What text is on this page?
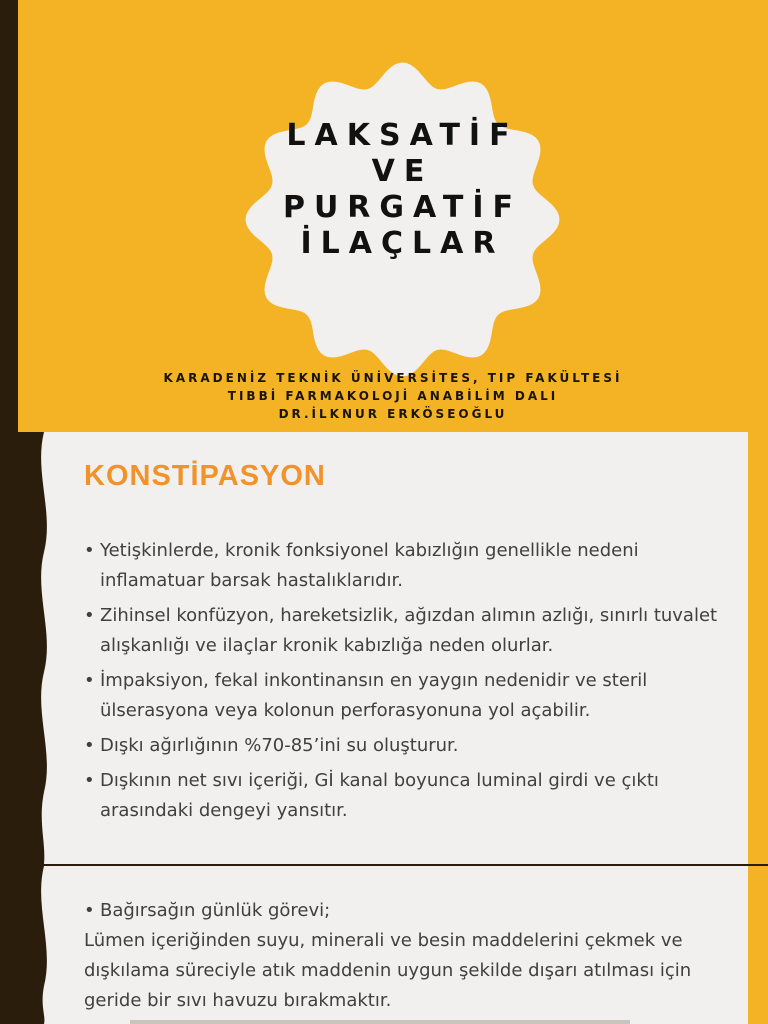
LAKSATİF
VE
PURGATİF
İLAÇLAR
KARADENİZ TEKNİK ÜNİVERSİTES, TIP FAKÜLTESİ
TIBBİ FARMAKOLOJİ ANABİLİM DALI
DR.İLKNUR ERKÖSEOĞLU
KONSTİPASYON
• Yetişkinlerde, kronik fonksiyonel kabızlığın genellikle nedeni inflamatuar barsak hastalıklarıdır.
• Zihinsel konfüzyon, hareketsizlik, ağızdan alımın azlığı, sınırlı tuvalet alışkanlığı ve ilaçlar kronik kabızlığa neden olurlar.
• İmpaksiyon, fekal inkontinansın en yaygın nedenidir ve steril ülserasyona veya kolonun perforasyonuna yol açabilir.
• Dışkı ağırlığının %70-85’ini su oluşturur.
• Dışkının net sıvı içeriği, Gİ kanal boyunca luminal girdi ve çıktı arasındaki dengeyi yansıtır.
• Bağırsağın günlük görevi;
Lümen içeriğinden suyu, minerali ve besin maddelerini çekmek ve dışkılama süreciyle atık maddenin uygun şekilde dışarı atılması için geride bir sıvı havuzu bırakmaktır.
